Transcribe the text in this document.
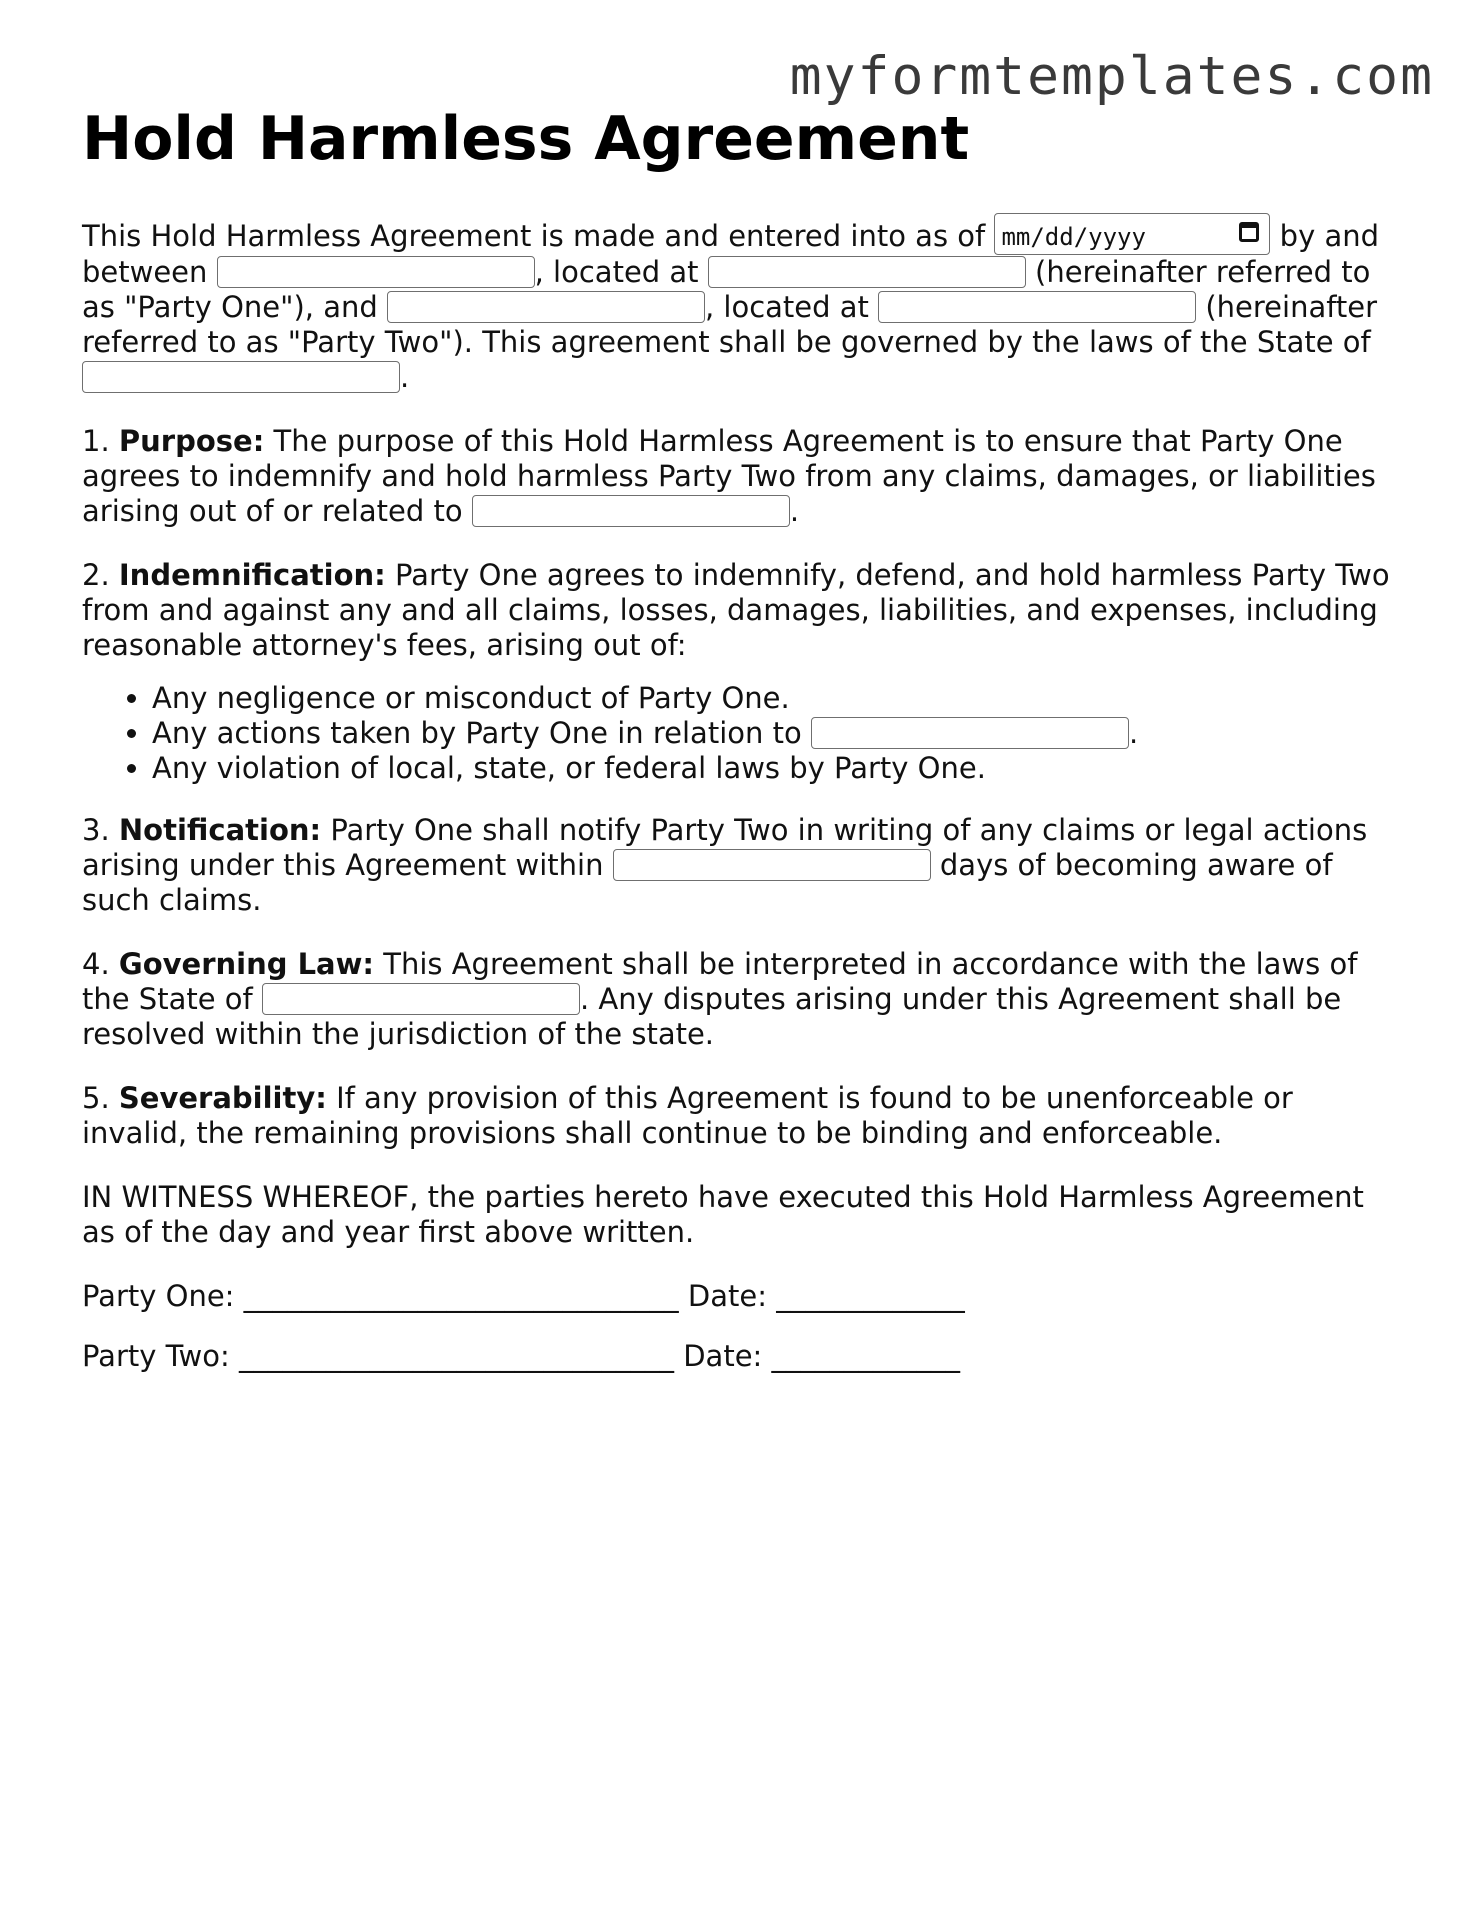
myformtemplates.com
Hold Harmless Agreement

This Hold Harmless Agreement is made and entered into as of mm/dd/yyyy	by and between	, located at	(hereinafter referred to as "Party One"), and	, located at	(hereinafter referred to as "Party Two"). This agreement shall be governed by the laws of the State of .

1. Purpose: The purpose of this Hold Harmless Agreement is to ensure that Party One agrees to indemnify and hold harmless Party Two from any claims, damages, or liabilities arising out of or related to	.

2. Indemnification: Party One agrees to indemnify, defend, and hold harmless Party Two from and against any and all claims, losses, damages, liabilities, and expenses, including reasonable attorney's fees, arising out of:

• Any negligence or misconduct of Party One.
• Any actions taken by Party One in relation to	.
• Any violation of local, state, or federal laws by Party One.

3. Notification: Party One shall notify Party Two in writing of any claims or legal actions arising under this Agreement within	days of becoming aware of such claims.

4. Governing Law: This Agreement shall be interpreted in accordance with the laws of the State of	. Any disputes arising under this Agreement shall be resolved within the jurisdiction of the state.

5. Severability: If any provision of this Agreement is found to be unenforceable or invalid, the remaining provisions shall continue to be binding and enforceable.

IN WITNESS WHEREOF, the parties hereto have executed this Hold Harmless Agreement as of the day and year first above written.

Party One: ______________________________ Date: _____________

Party Two: ______________________________ Date: _____________
